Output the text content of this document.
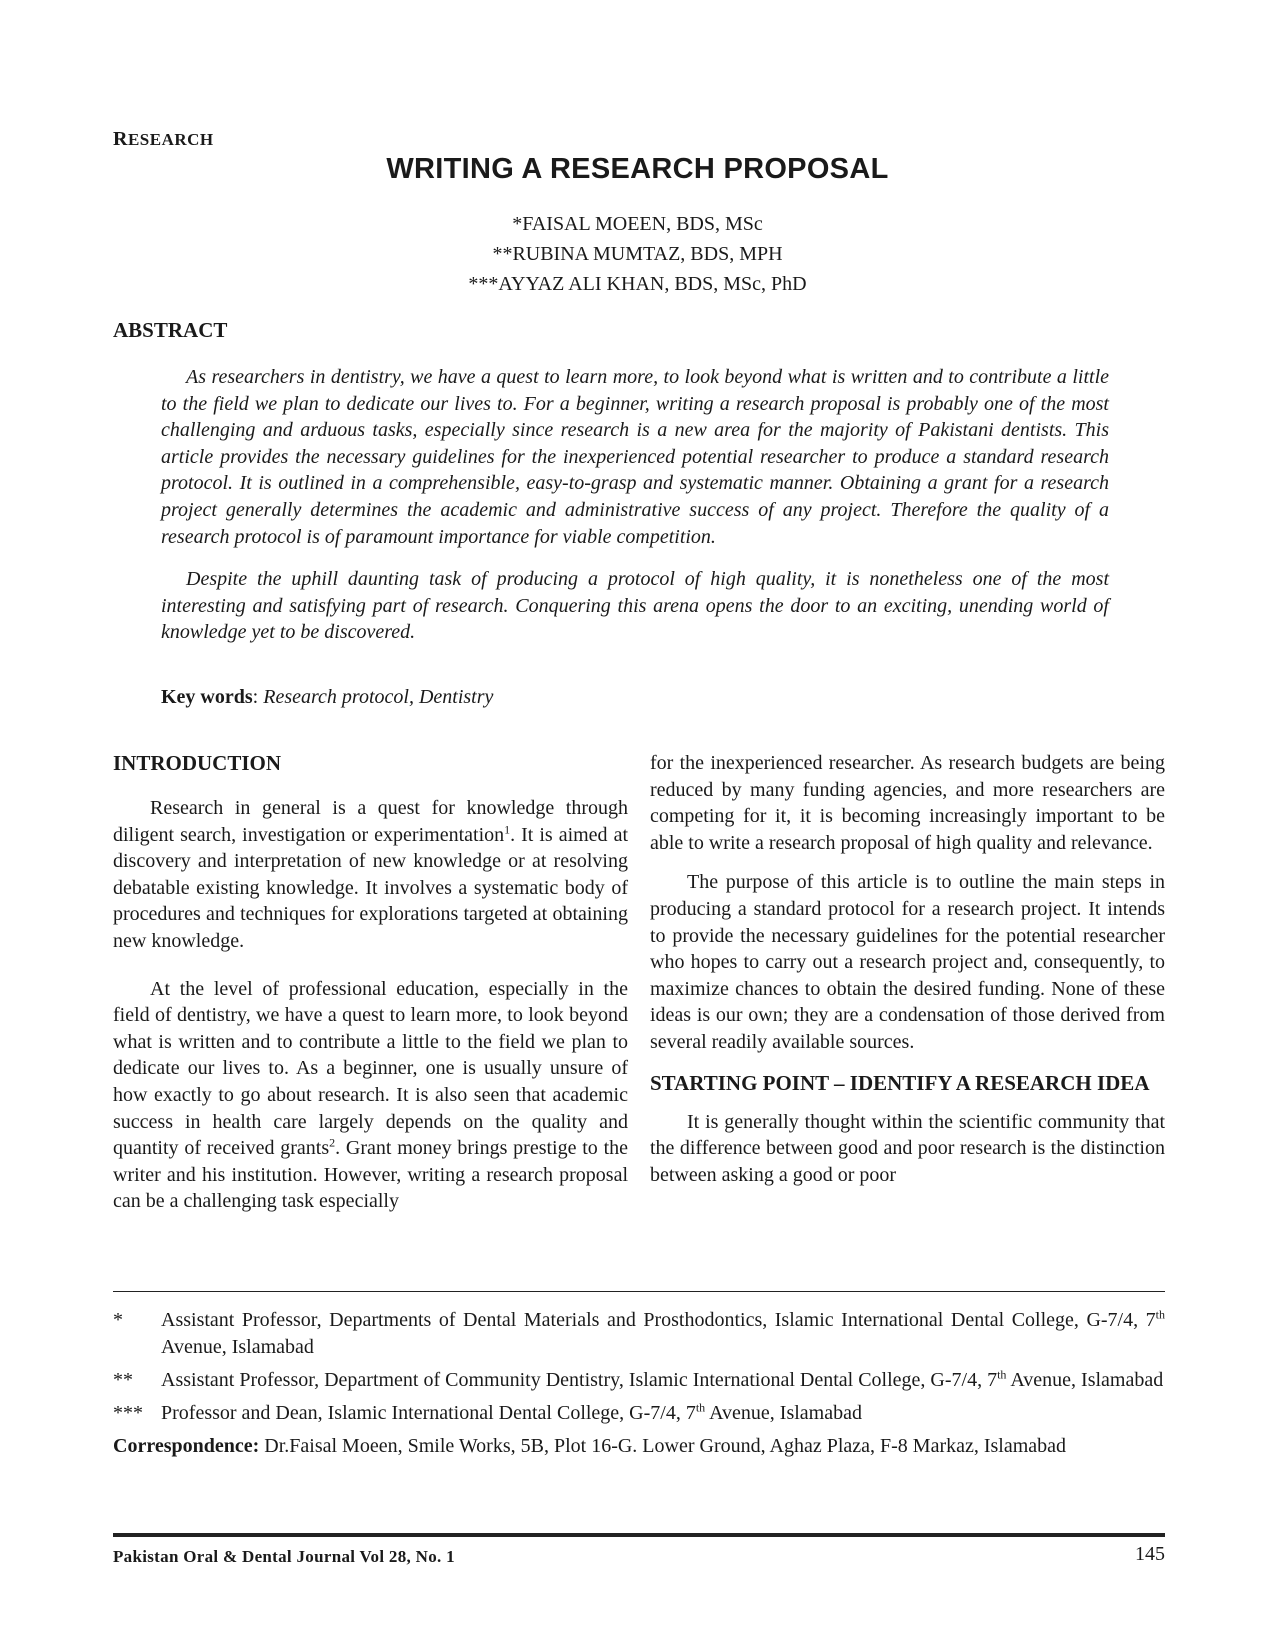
RESEARCH
WRITING A RESEARCH PROPOSAL
*FAISAL MOEEN, BDS, MSc
**RUBINA MUMTAZ, BDS, MPH
***AYYAZ ALI KHAN, BDS, MSc, PhD
ABSTRACT

As researchers in dentistry, we have a quest to learn more, to look beyond what is written and to contribute a little to the field we plan to dedicate our lives to. For a beginner, writing a research proposal is probably one of the most challenging and arduous tasks, especially since research is a new area for the majority of Pakistani dentists. This article provides the necessary guidelines for the inexperienced potential researcher to produce a standard research protocol. It is outlined in a comprehensible, easy-to-grasp and systematic manner. Obtaining a grant for a research project generally determines the academic and administrative success of any project. Therefore the quality of a research protocol is of paramount importance for viable competition.

Despite the uphill daunting task of producing a protocol of high quality, it is nonetheless one of the most interesting and satisfying part of research. Conquering this arena opens the door to an exciting, unending world of knowledge yet to be discovered.

Key words: Research protocol, Dentistry
INTRODUCTION

Research in general is a quest for knowledge through diligent search, investigation or experimentation$^1$. It is aimed at discovery and interpretation of new knowledge or at resolving debatable existing knowledge. It involves a systematic body of procedures and techniques for explorations targeted at obtaining new knowledge.

At the level of professional education, especially in the field of dentistry, we have a quest to learn more, to look beyond what is written and to contribute a little to the field we plan to dedicate our lives to. As a beginner, one is usually unsure of how exactly to go about research. It is also seen that academic success in health care largely depends on the quality and quantity of received grants$^2$. Grant money brings prestige to the writer and his institution. However, writing a research proposal can be a challenging task especially

for the inexperienced researcher. As research budgets are being reduced by many funding agencies, and more researchers are competing for it, it is becoming increasingly important to be able to write a research proposal of high quality and relevance.

The purpose of this article is to outline the main steps in producing a standard protocol for a research project. It intends to provide the necessary guidelines for the potential researcher who hopes to carry out a research project and, consequently, to maximize chances to obtain the desired funding. None of these ideas is our own; they are a condensation of those derived from several readily available sources.

STARTING POINT – IDENTIFY A RESEARCH IDEA

It is generally thought within the scientific community that the difference between good and poor research is the distinction between asking a good or poor

*	Assistant Professor, Departments of Dental Materials and Prosthodontics, Islamic International Dental College, G-7/4, 7th Avenue, Islamabad
**	Assistant Professor, Department of Community Dentistry, Islamic International Dental College, G-7/4, 7th Avenue, Islamabad
*** Professor and Dean, Islamic International Dental College, G-7/4, 7th Avenue, Islamabad
Correspondence: Dr.Faisal Moeen, Smile Works, 5B, Plot 16-G. Lower Ground, Aghaz Plaza, F-8 Markaz, Islamabad
Pakistan Oral & Dental Journal Vol 28, No. 1	145
